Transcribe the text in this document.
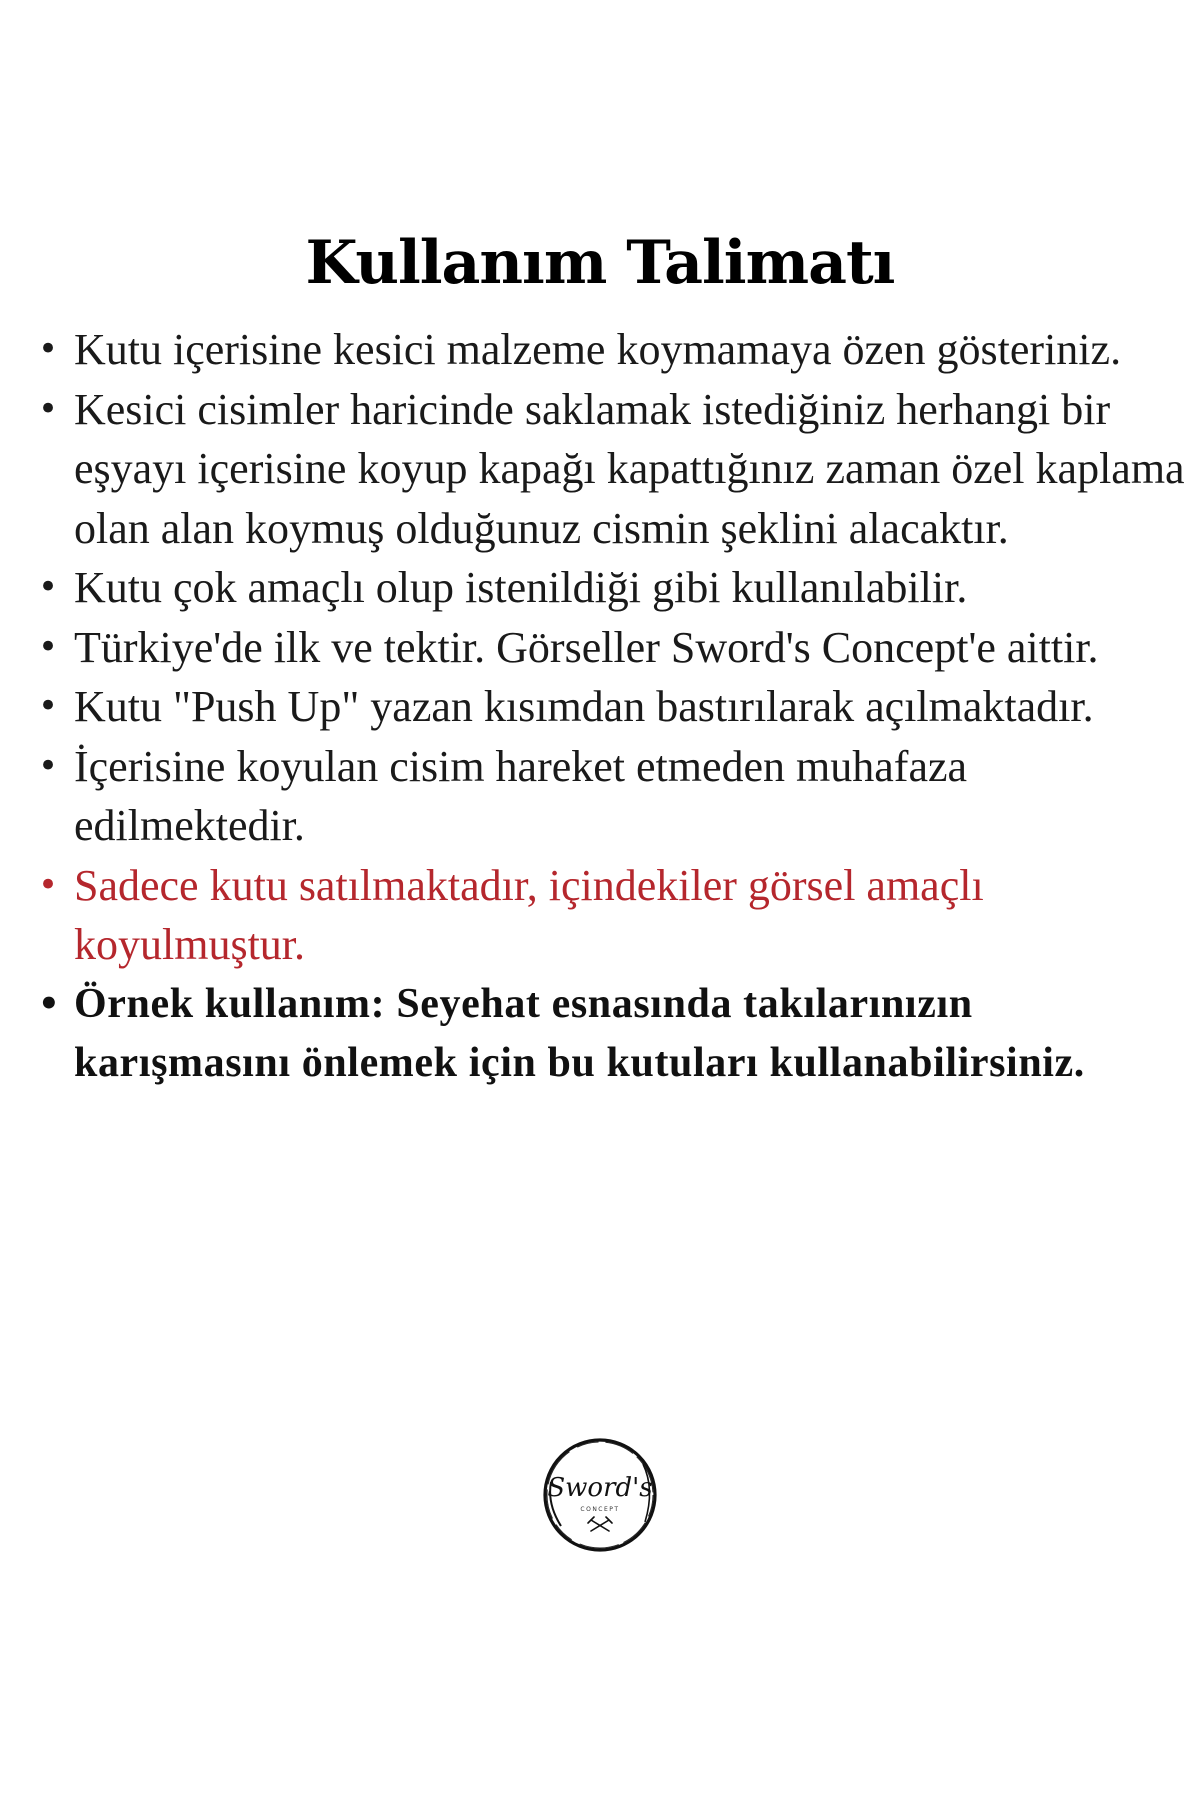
Kullanım Talimatı
• Kutu içerisine kesici malzeme koymamaya özen gösteriniz.
• Kesici cisimler haricinde saklamak istediğiniz herhangi bir eşyayı içerisine koyup kapağı kapattığınız zaman özel kaplama olan alan koymuş olduğunuz cismin şeklini alacaktır.
• Kutu çok amaçlı olup istenildiği gibi kullanılabilir.
• Türkiye'de ilk ve tektir. Görseller Sword's Concept'e aittir.
• Kutu "Push Up" yazan kısımdan bastırılarak açılmaktadır.
• İçerisine koyulan cisim hareket etmeden muhafaza edilmektedir.
• Sadece kutu satılmaktadır, içindekiler görsel amaçlı koyulmuştur.
• Örnek kullanım: Seyehat esnasında takılarınızın karışmasını önlemek için bu kutuları kullanabilirsiniz.
Sword's
CONCEPT
